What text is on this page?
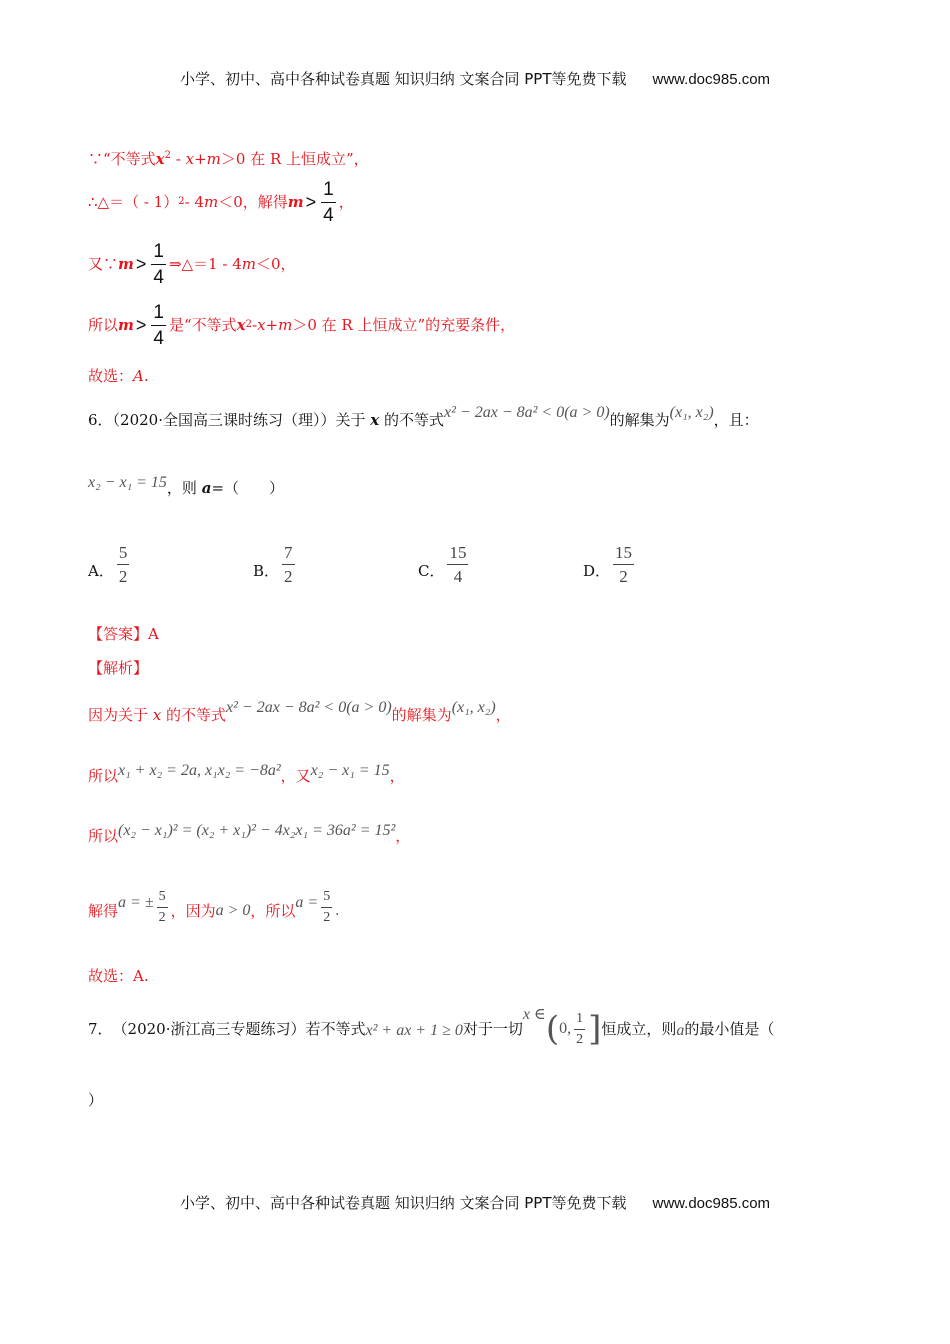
小学、初中、高中各种试卷真题 知识归纳 文案合同 PPT等免费下载 www.doc985.com
∵“不等式$x^2 - x+m>0$ 在 R 上恒成立”，
∴△＝（ - 1） 2 - 4 m ＜0，解得 $m > \frac{1}{4}$ ，
又∵ $m > \frac{1}{4}$ ⇒△＝1 - 4 m ＜0，
所以 $m > \frac{1}{4}$ 是“不等式 x 2 - x+m ＞0 在 R 上恒成立”的充要条件，
故选：A.
6．（2020·全国高三课时练习（理））关于 x 的不等式x² − 2ax − 8a² < 0(a > 0)的解集为(x₁, x₂)，且：
x₂ − x₁ = 15，则 a=（　　）
A． $\frac{5}{2}$	B． $\frac{7}{2}$	C． $\frac{15}{4}$	D． $\frac{15}{2}$
【答案】A
【解析】
因为关于 x 的不等式x² − 2ax − 8a² < 0(a > 0)的解集为(x₁, x₂)，
所以x₁ + x₂ = 2a, x₁x₂ = −8a²，又x₂ − x₁ = 15，
所以(x₂ − x₁)² = (x₂ + x₁)² − 4x₂x₁ = 36a² = 15²，
解得 a = ± $\frac{5}{2}$ ，因为 a > 0 ，所以 $a = \frac{5}{2}$ .
故选：A.
7． （2020·浙江高三专题练习）若不等式 x² + ax + 1 ≥ 0 对于一切
x ∈ ( 0, $\frac{1}{2}$ ] 恒成立，则 a 的最小值是（
）
小学、初中、高中各种试卷真题 知识归纳 文案合同 PPT等免费下载 www.doc985.com
